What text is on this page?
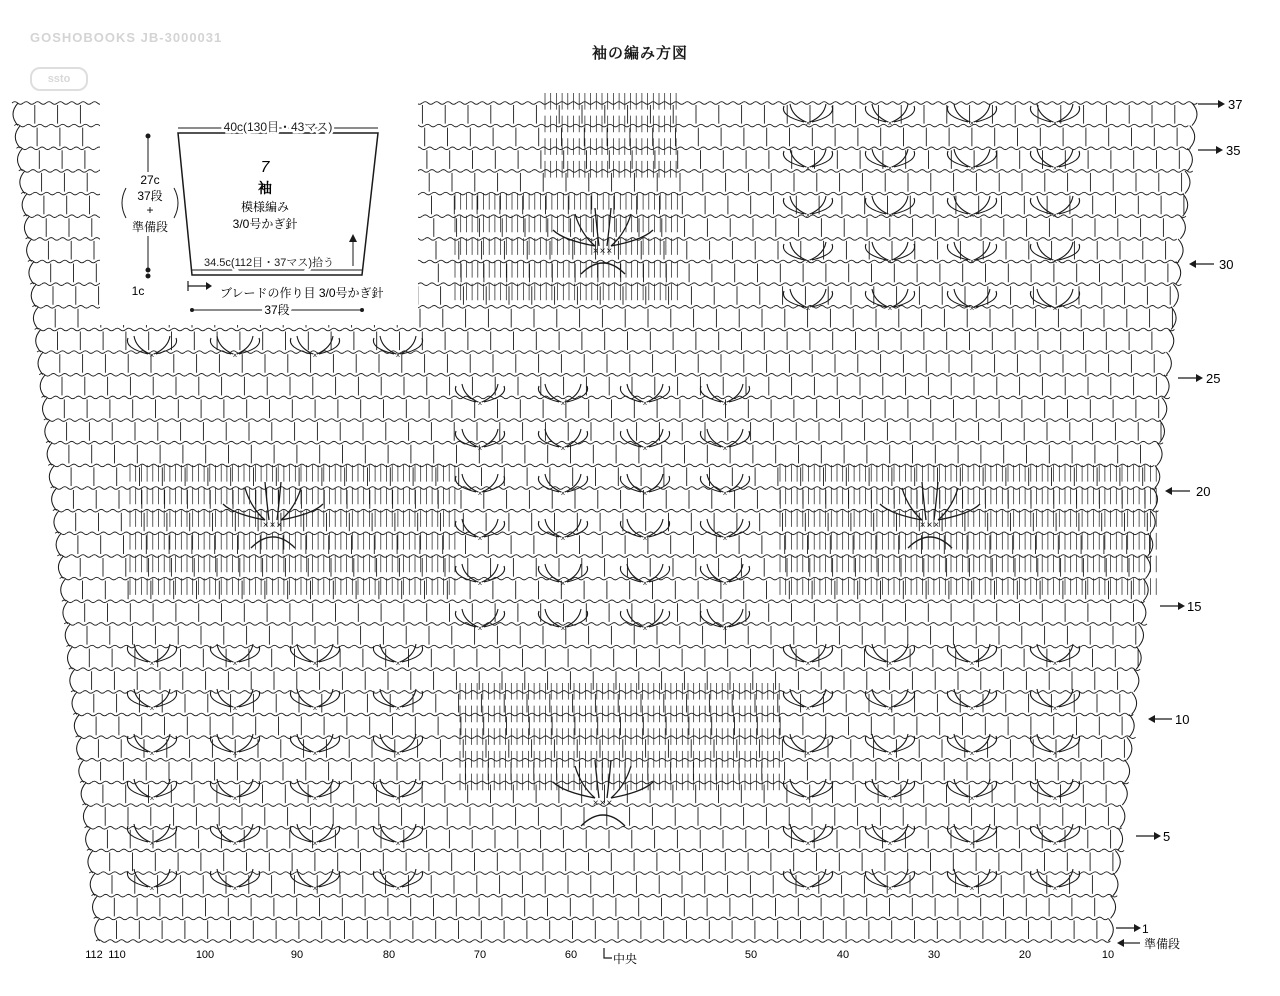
GOSHOBOOKS JB-3000031
ssto
袖の編み方図
×	×	×	×
×	×	×	×
×	×	×	×
×	×	×	×
×	×	×	×
×	×	×	×	×	×	×	×
×	×	×	×	×	×	×	×
×	×	×	×	×	×	×	×
×	×	×	×	×	×	×	×
×	×	×	×	×	×	×	×
×	×	×	×	×	×	×	×
×	×	×	×
×
×
×
×
×
×
×
×
×
×
×
×
×
×
×
×
×
×
×
×
×
×
×
×
×××
×××	×××
×××
37
35
30
25
20
15
10
5
1
準備段
112 110	100	90	80	70	60	50	40	30	20	10
中央
40c(130目・43マス)
7
袖
模様編み
3/0号かぎ針
27c
37段
+
準備段
34.5c(112目・37マス)拾う
1c	ブレードの作り目 3/0号かぎ針
37段
